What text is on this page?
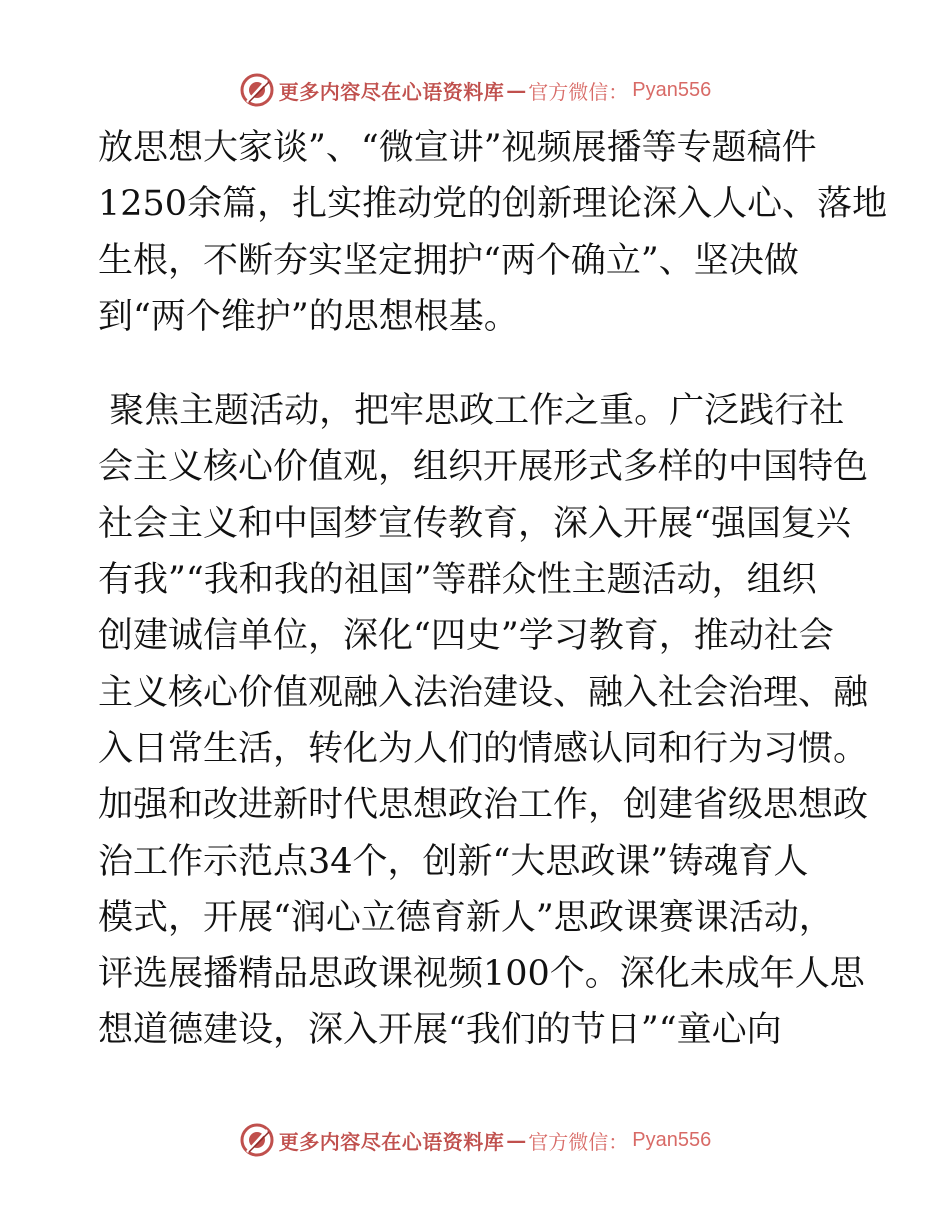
更多内容尽在心语资料库 — 官方微信： Pyan556
放思想大家谈”、“微宣讲”视频展播等专题稿件
1250余篇，扎实推动党的创新理论深入人心、落地
生根，不断夯实坚定拥护“两个确立”、坚决做
到“两个维护”的思想根基。
聚焦主题活动，把牢思政工作之重。广泛践行社
会主义核心价值观，组织开展形式多样的中国特色
社会主义和中国梦宣传教育，深入开展“强国复兴
有我”“我和我的祖国”等群众性主题活动，组织
创建诚信单位，深化“四史”学习教育，推动社会
主义核心价值观融入法治建设、融入社会治理、融
入日常生活，转化为人们的情感认同和行为习惯。
加强和改进新时代思想政治工作，创建省级思想政
治工作示范点34个，创新“大思政课”铸魂育人
模式，开展“润心立德育新人”思政课赛课活动，
评选展播精品思政课视频100个。深化未成年人思
想道德建设，深入开展“我们的节日”“童心向
更多内容尽在心语资料库 — 官方微信： Pyan556
